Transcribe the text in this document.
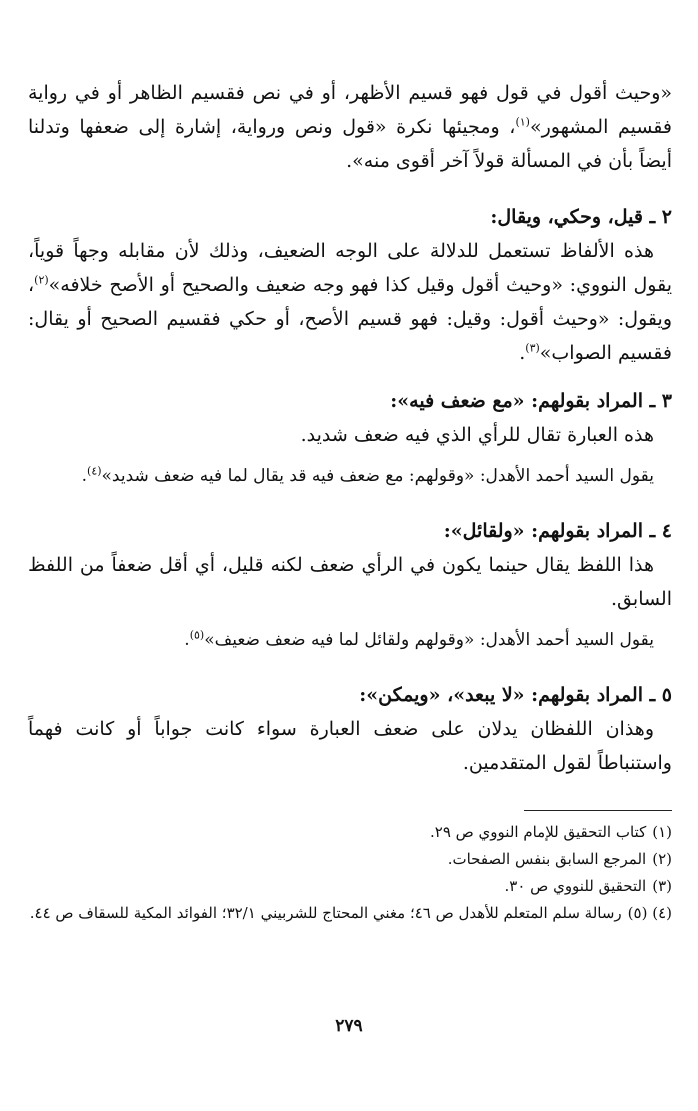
«وحيث أقول في قول فهو قسيم الأظهر، أو في نص فقسيم الظاهر أو في رواية فقسيم المشهور»$^{(١)}$، ومجيئها نكرة «قول ونص ورواية، إشارة إلى ضعفها وتدلنا أيضاً بأن في المسألة قولاً آخر أقوى منه».

٢ ـ قيل، وحكي، ويقال:

هذه الألفاظ تستعمل للدلالة على الوجه الضعيف، وذلك لأن مقابله وجهاً قوياً، يقول النووي: «وحيث أقول وقيل كذا فهو وجه ضعيف والصحيح أو الأصح خلافه»$^{(٢)}$، ويقول: «وحيث أقول: وقيل: فهو قسيم الأصح، أو حكي فقسيم الصحيح أو يقال: فقسيم الصواب»$^{(٣)}$.

٣ ـ المراد بقولهم: «مع ضعف فيه»:

هذه العبارة تقال للرأي الذي فيه ضعف شديد.

يقول السيد أحمد الأهدل: «وقولهم: مع ضعف فيه قد يقال لما فيه ضعف شديد»$^{(٤)}$.

٤ ـ المراد بقولهم: «ولقائل»:

هذا اللفظ يقال حينما يكون في الرأي ضعف لكنه قليل، أي أقل ضعفاً من اللفظ السابق.

يقول السيد أحمد الأهدل: «وقولهم ولقائل لما فيه ضعف ضعيف»$^{(٥)}$.

٥ ـ المراد بقولهم: «لا يبعد»، «ويمكن»:

وهذان اللفظان يدلان على ضعف العبارة سواء كانت جواباً أو كانت فهماً واستنباطاً لقول المتقدمين.

(١)
كتاب التحقيق للإمام النووي ص ٢٩.
(٢)
المرجع السابق بنفس الصفحات.
(٣)
التحقيق للنووي ص ٣٠.
(٤) (٥)
رسالة سلم المتعلم للأهدل ص ٤٦؛ مغني المحتاج للشربيني ٣٢/١؛ الفوائد المكية للسقاف ص ٤٤.
٢٧٩
